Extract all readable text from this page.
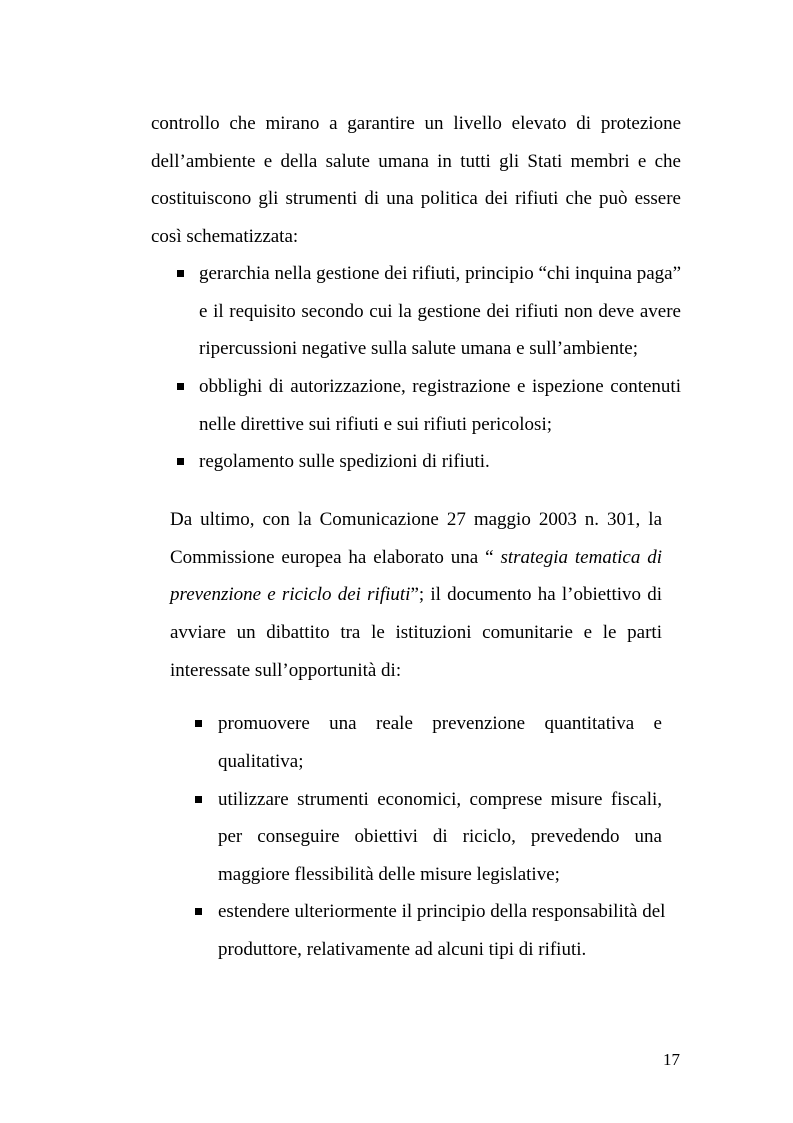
controllo che mirano a garantire un livello elevato di protezione
dell’ambiente e della salute umana in tutti gli Stati membri e che
costituiscono gli strumenti di una politica dei rifiuti che può essere
così schematizzata:
gerarchia nella gestione dei rifiuti, principio “chi inquina paga”
e il requisito secondo cui la gestione dei rifiuti non deve avere
ripercussioni negative sulla salute umana e sull’ambiente;
obblighi di autorizzazione, registrazione e ispezione contenuti
nelle direttive sui rifiuti e sui rifiuti pericolosi;
regolamento sulle spedizioni di rifiuti.
Da ultimo, con la Comunicazione 27 maggio 2003 n. 301, la
Commissione europea ha elaborato una “ strategia tematica di
prevenzione e riciclo dei rifiuti”; il documento ha l’obiettivo di
avviare un dibattito tra le istituzioni comunitarie e le parti
interessate sull’opportunità di:
promuovere una reale prevenzione quantitativa e
qualitativa;
utilizzare strumenti economici, comprese misure fiscali,
per conseguire obiettivi di riciclo, prevedendo una
maggiore flessibilità delle misure legislative;
estendere ulteriormente il principio della responsabilità del
produttore, relativamente ad alcuni tipi di rifiuti.
17
